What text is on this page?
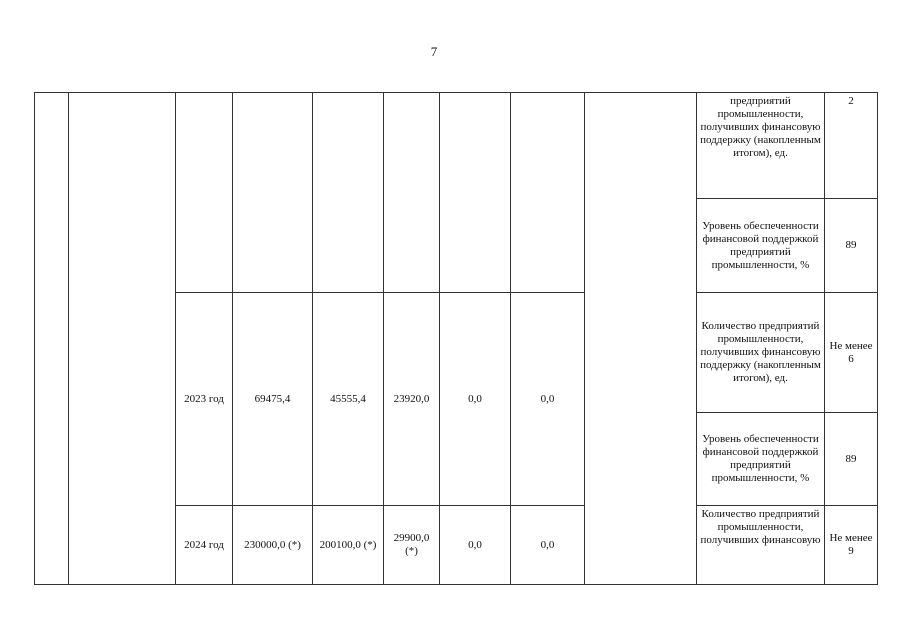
7
									предприятий промышленности, получивших финансовую поддержку (накопленным итогом), ед.	2
									Уровень обеспеченности финансовой поддержкой предприятий промышленности, %	89
		2023 год	69475,4	45555,4	23920,0	0,0	0,0		Количество предприятий промышленности, получивших финансовую поддержку (накопленным итогом), ед.	Не менее 6
									Уровень обеспеченности финансовой поддержкой предприятий промышленности, %	89
		2024 год	230000,0 (*)	200100,0 (*)	29900,0 (*)	0,0	0,0		Количество предприятий промышленности, получивших финансовую	Не менее 9
